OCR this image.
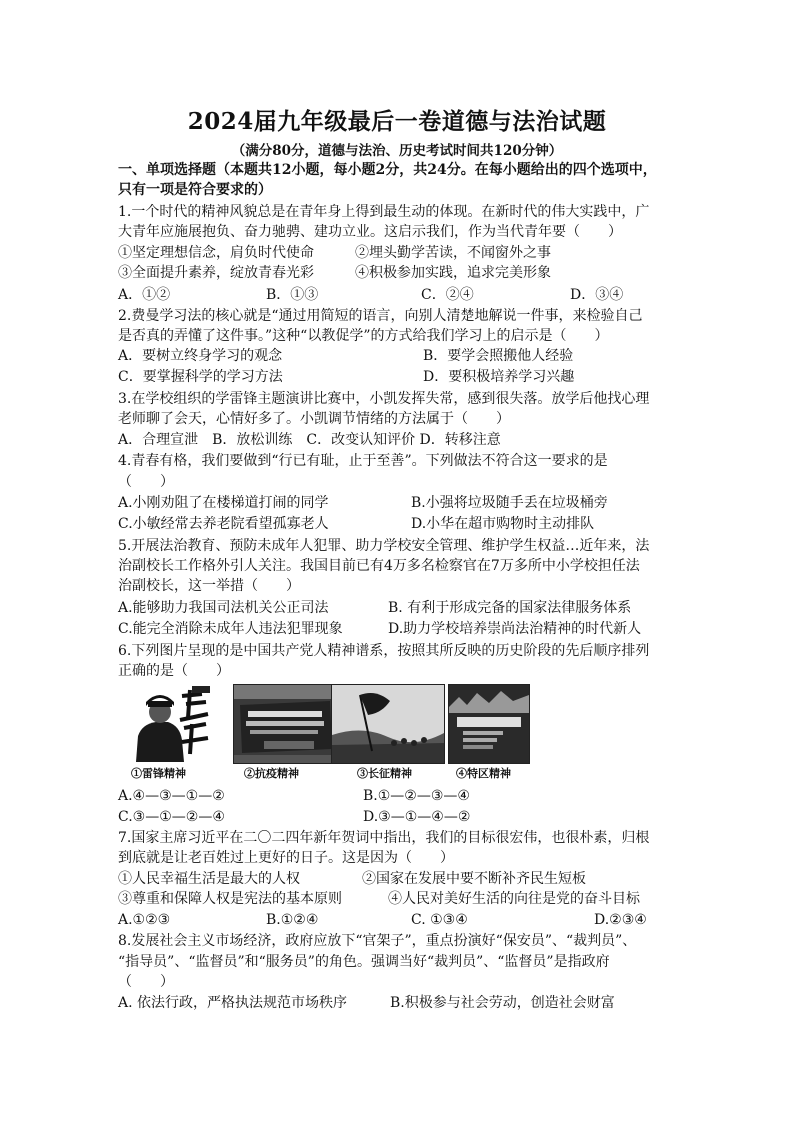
2024届九年级最后一卷道德与法治试题
（满分80分，道德与法治、历史考试时间共120分钟）
一、单项选择题（本题共12小题，每小题2分，共24分。在每小题给出的四个选项中，
只有一项是符合要求的）
1.一个时代的精神风貌总是在青年身上得到最生动的体现。在新时代的伟大实践中，广
大青年应施展抱负、奋力驰骋、建功立业。这启示我们，作为当代青年要（　　）
①坚定理想信念，肩负时代使命	②埋头勤学苦读，不闻窗外之事
③全面提升素养，绽放青春光彩	④积极参加实践，追求完美形象
A．①②	B．①③	C．②④	D．③④
2.费曼学习法的核心就是“通过用简短的语言，向别人清楚地解说一件事，来检验自己
是否真的弄懂了这件事。”这种“以教促学”的方式给我们学习上的启示是（　　）
A．要树立终身学习的观念	B．要学会照搬他人经验
C．要掌握科学的学习方法	D．要积极培养学习兴趣
3.在学校组织的学雷锋主题演讲比赛中，小凯发挥失常，感到很失落。放学后他找心理
老师聊了会天，心情好多了。小凯调节情绪的方法属于（　　）
A．合理宣泄　B．放松训练　C．改变认知评价 D．转移注意
4.青春有格，我们要做到“行已有耻，止于至善”。下列做法不符合这一要求的是
（　　）
A.小刚劝阻了在楼梯道打闹的同学	B.小强将垃圾随手丢在垃圾桶旁
C.小敏经常去养老院看望孤寡老人	D.小华在超市购物时主动排队
5.开展法治教育、预防未成年人犯罪、助力学校安全管理、维护学生权益…近年来，法
治副校长工作格外引人关注。我国目前已有4万多名检察官在7万多所中小学校担任法
治副校长，这一举措（　　）
A.能够助力我国司法机关公正司法	B. 有利于形成完备的国家法律服务体系
C.能完全消除未成年人违法犯罪现象	D.助力学校培养崇尚法治精神的时代新人
6.下列图片呈现的是中国共产党人精神谱系，按照其所反映的历史阶段的先后顺序排列
正确的是（　　）
①雷锋精神	②抗疫精神	③长征精神	④特区精神
A.④—③—①—②	B.①—②—③—④
C.③—①—②—④	D.③—①—④—②
7.国家主席习近平在二〇二四年新年贺词中指出，我们的目标很宏伟，也很朴素，归根
到底就是让老百姓过上更好的日子。这是因为（　　）
①人民幸福生活是最大的人权	②国家在发展中要不断补齐民生短板
③尊重和保障人权是宪法的基本原则	④人民对美好生活的向往是党的奋斗目标
A.①②③	B.①②④	C. ①③④	D.②③④
8.发展社会主义市场经济，政府应放下“官架子”，重点扮演好“保安员”、“裁判员”、
“指导员”、“监督员”和“服务员”的角色。强调当好“裁判员”、“监督员”是指政府
（　　）
A. 依法行政，严格执法规范市场秩序	B.积极参与社会劳动，创造社会财富
